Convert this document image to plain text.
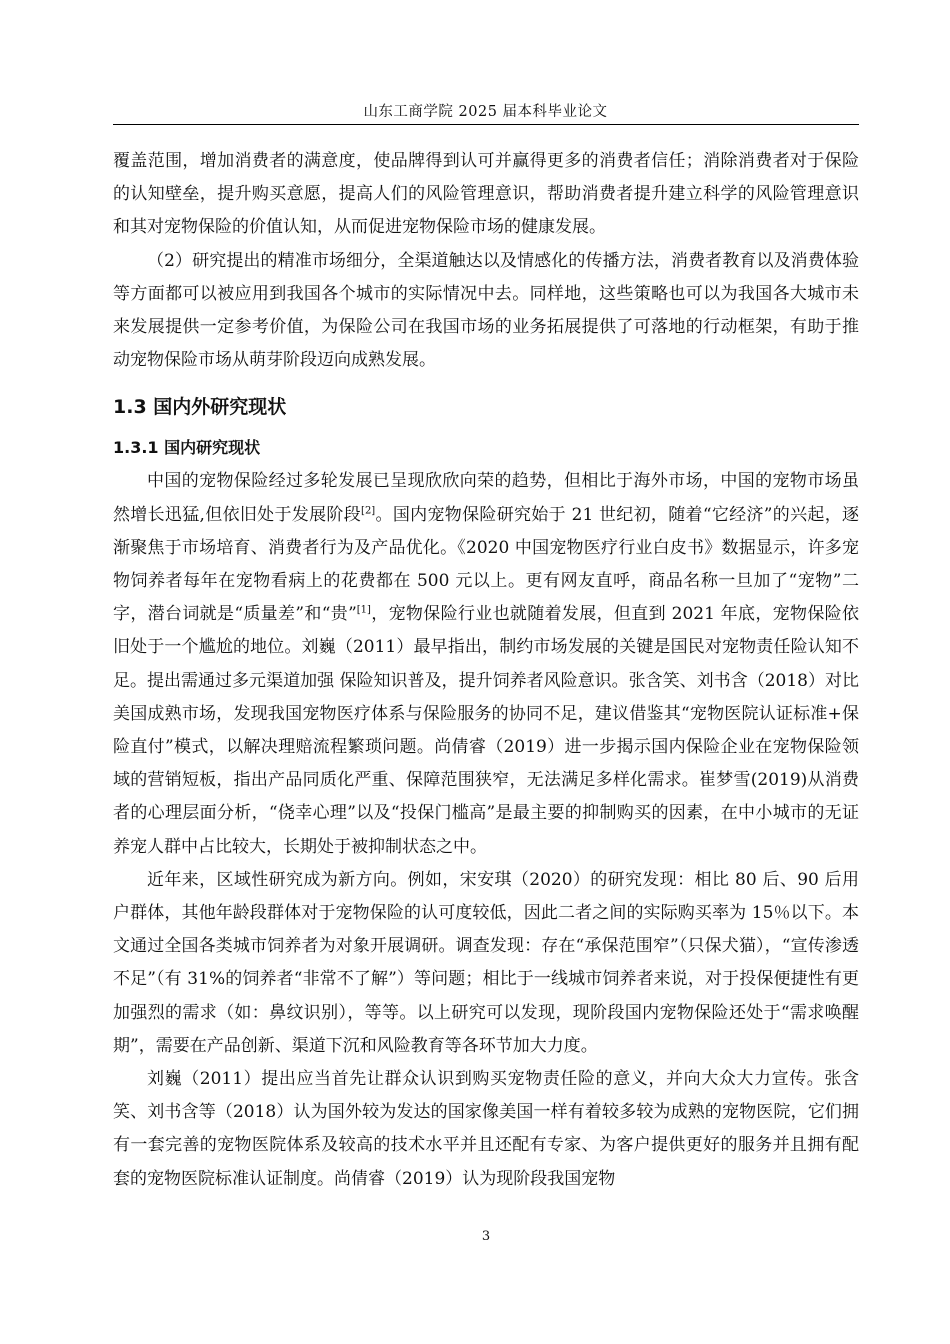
山东工商学院 2025 届本科毕业论文

覆盖范围，增加消费者的满意度，使品牌得到认可并赢得更多的消费者信任；消除消费者对于保险的认知壁垒，提升购买意愿，提高人们的风险管理意识，帮助消费者提升建立科学的风险管理意识和其对宠物保险的价值认知，从而促进宠物保险市场的健康发展。

（2）研究提出的精准市场细分，全渠道触达以及情感化的传播方法，消费者教育以及消费体验等方面都可以被应用到我国各个城市的实际情况中去。同样地，这些策略也可以为我国各大城市未来发展提供一定参考价值，为保险公司在我国市场的业务拓展提供了可落地的行动框架，有助于推动宠物保险市场从萌芽阶段迈向成熟发展。

1.3 国内外研究现状
1.3.1 国内研究现状

中国的宠物保险经过多轮发展已呈现欣欣向荣的趋势，但相比于海外市场，中国的宠物市场虽然增长迅猛,但依旧处于发展阶段[2]。国内宠物保险研究始于 21 世纪初，随着“它经济”的兴起，逐渐聚焦于市场培育、消费者行为及产品优化。《2020 中国宠物医疗行业白皮书》数据显示，许多宠物饲养者每年在宠物看病上的花费都在 500 元以上。更有网友直呼，商品名称一旦加了“宠物”二字，潜台词就是“质量差”和“贵”[1]，宠物保险行业也就随着发展，但直到 2021 年底，宠物保险依旧处于一个尴尬的地位。刘巍（2011）最早指出，制约市场发展的关键是国民对宠物责任险认知不足。提出需通过多元渠道加强 保险知识普及，提升饲养者风险意识。张含笑、刘书含（2018）对比美国成熟市场，发现我国宠物医疗体系与保险服务的协同不足，建议借鉴其“宠物医院认证标准+保险直付”模式，以解决理赔流程繁琐问题。尚倩睿（2019）进一步揭示国内保险企业在宠物保险领域的营销短板，指出产品同质化严重、保障范围狭窄，无法满足多样化需求。崔梦雪(2019)从消费者的心理层面分析，“侥幸心理”以及“投保门槛高”是最主要的抑制购买的因素，在中小城市的无证养宠人群中占比较大，长期处于被抑制状态之中。

近年来，区域性研究成为新方向。例如，宋安琪（2020）的研究发现：相比 80 后、90 后用户群体，其他年龄段群体对于宠物保险的认可度较低，因此二者之间的实际购买率为 15％以下。本文通过全国各类城市饲养者为对象开展调研。调查发现：存在“承保范围窄”（只保犬猫），“宣传渗透不足”（有 31%的饲养者“非常不了解”）等问题；相比于一线城市饲养者来说，对于投保便捷性有更加强烈的需求（如：鼻纹识别），等等。以上研究可以发现，现阶段国内宠物保险还处于“需求唤醒期”，需要在产品创新、渠道下沉和风险教育等各环节加大力度。

刘巍（2011）提出应当首先让群众认识到购买宠物责任险的意义，并向大众大力宣传。张含笑、刘书含等（2018）认为国外较为发达的国家像美国一样有着较多较为成熟的宠物医院，它们拥有一套完善的宠物医院体系及较高的技术水平并且还配有专家、为客户提供更好的服务并且拥有配套的宠物医院标准认证制度。尚倩睿（2019）认为现阶段我国宠物

3
